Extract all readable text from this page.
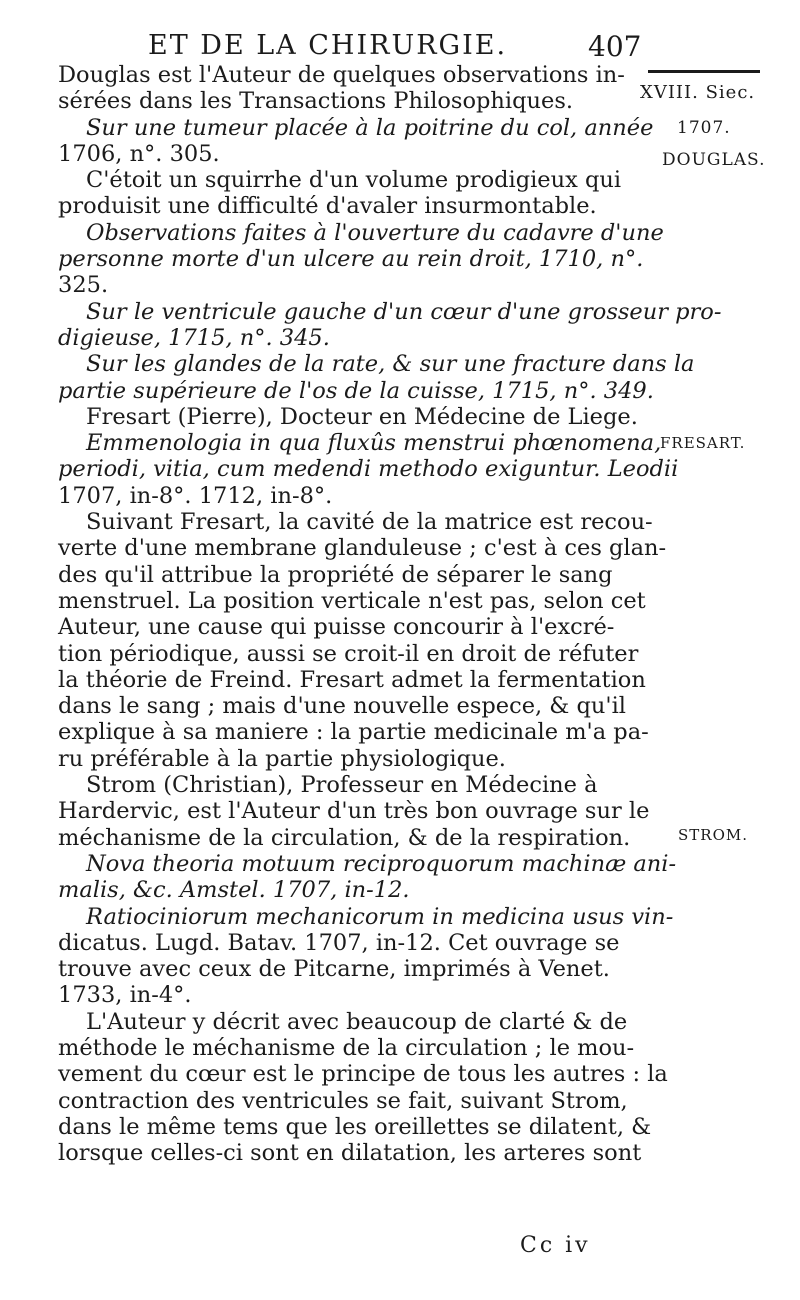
ET DE LA CHIRURGIE.	407
XVIII. Siec.
1707.
DOUGLAS.
FRESART.
STROM.
Douglas est l'Auteur de quelques observations in-
sérées dans les Transactions Philosophiques.
Sur une tumeur placée à la poitrine du col, année
1706, n°. 305.
C'étoit un squirrhe d'un volume prodigieux qui
produisit une difficulté d'avaler insurmontable.
Observations faites à l'ouverture du cadavre d'une
personne morte d'un ulcere au rein droit, 1710, n°.
325.
Sur le ventricule gauche d'un cœur d'une grosseur pro-
digieuse, 1715, n°. 345.
Sur les glandes de la rate, & sur une fracture dans la
partie supérieure de l'os de la cuisse, 1715, n°. 349.
Fresart (Pierre), Docteur en Médecine de Liege.
Emmenologia in qua fluxûs menstrui phœnomena,
periodi, vitia, cum medendi methodo exiguntur. Leodii
1707, in-8°. 1712, in-8°.
Suivant Fresart, la cavité de la matrice est recou-
verte d'une membrane glanduleuse ; c'est à ces glan-
des qu'il attribue la propriété de séparer le sang
menstruel. La position verticale n'est pas, selon cet
Auteur, une cause qui puisse concourir à l'excré-
tion périodique, aussi se croit-il en droit de réfuter
la théorie de Freind. Fresart admet la fermentation
dans le sang ; mais d'une nouvelle espece, & qu'il
explique à sa maniere : la partie medicinale m'a pa-
ru préférable à la partie physiologique.
Strom (Christian), Professeur en Médecine à
Hardervic, est l'Auteur d'un très bon ouvrage sur le
méchanisme de la circulation, & de la respiration.
Nova theoria motuum reciproquorum machinæ ani-
malis, &c. Amstel. 1707, in-12.
Ratiociniorum mechanicorum in medicina usus vin-
dicatus. Lugd. Batav. 1707, in-12. Cet ouvrage se
trouve avec ceux de Pitcarne, imprimés à Venet.
1733, in-4°.
L'Auteur y décrit avec beaucoup de clarté & de
méthode le méchanisme de la circulation ; le mou-
vement du cœur est le principe de tous les autres : la
contraction des ventricules se fait, suivant Strom,
dans le même tems que les oreillettes se dilatent, &
lorsque celles-ci sont en dilatation, les arteres sont
Cc iv
